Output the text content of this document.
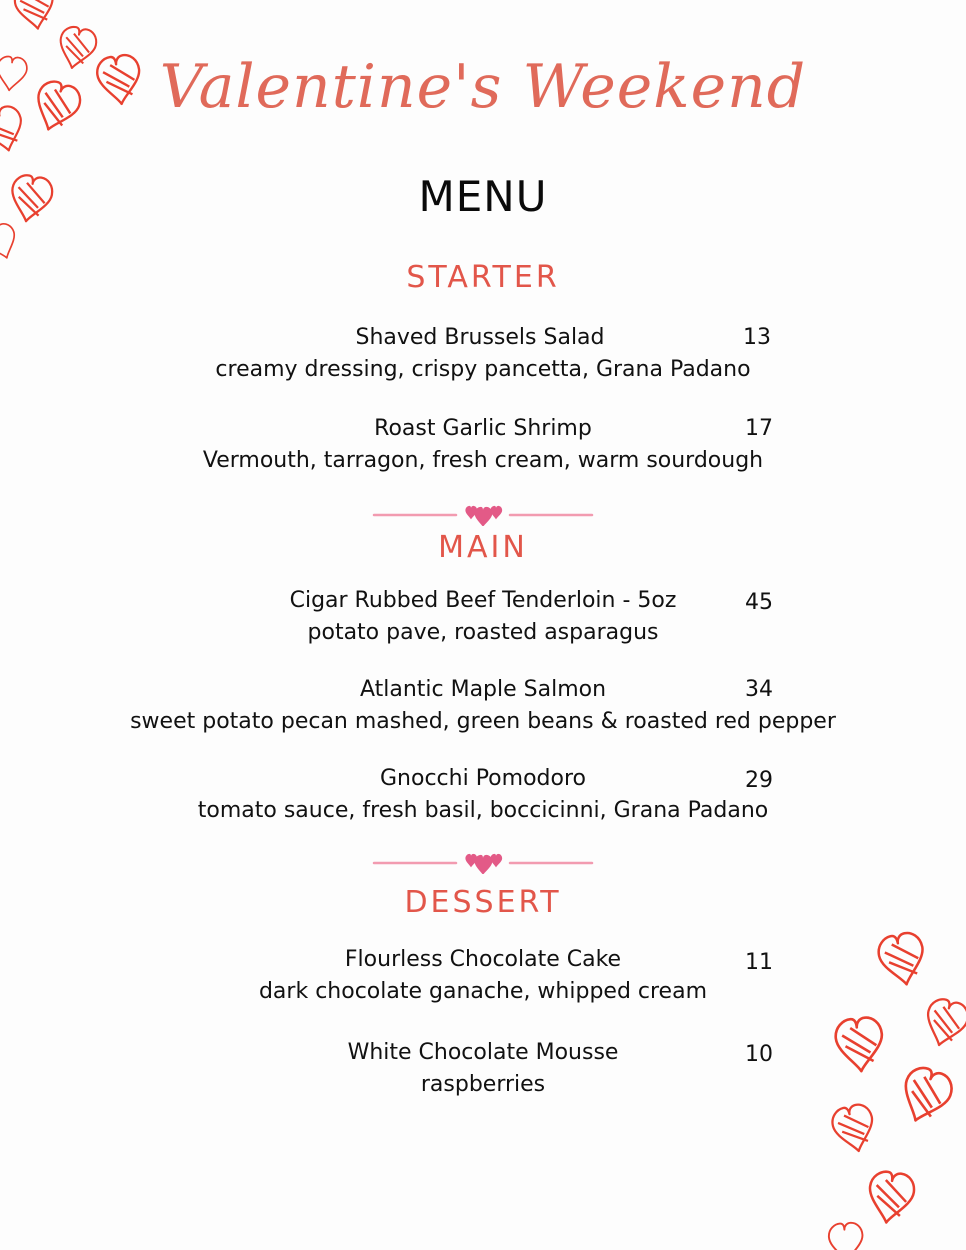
Valentine's Weekend
MENU
STARTER
Shaved Brussels Salad	13
creamy dressing, crispy pancetta, Grana Padano
Roast Garlic Shrimp	17
Vermouth, tarragon, fresh cream, warm sourdough
MAIN
Cigar Rubbed Beef Tenderloin - 5oz	45
potato pave, roasted asparagus
Atlantic Maple Salmon	34
sweet potato pecan mashed, green beans & roasted red pepper
Gnocchi Pomodoro	29
tomato sauce, fresh basil, boccicinni, Grana Padano
DESSERT
Flourless Chocolate Cake	11
dark chocolate ganache, whipped cream
White Chocolate Mousse	10
raspberries
